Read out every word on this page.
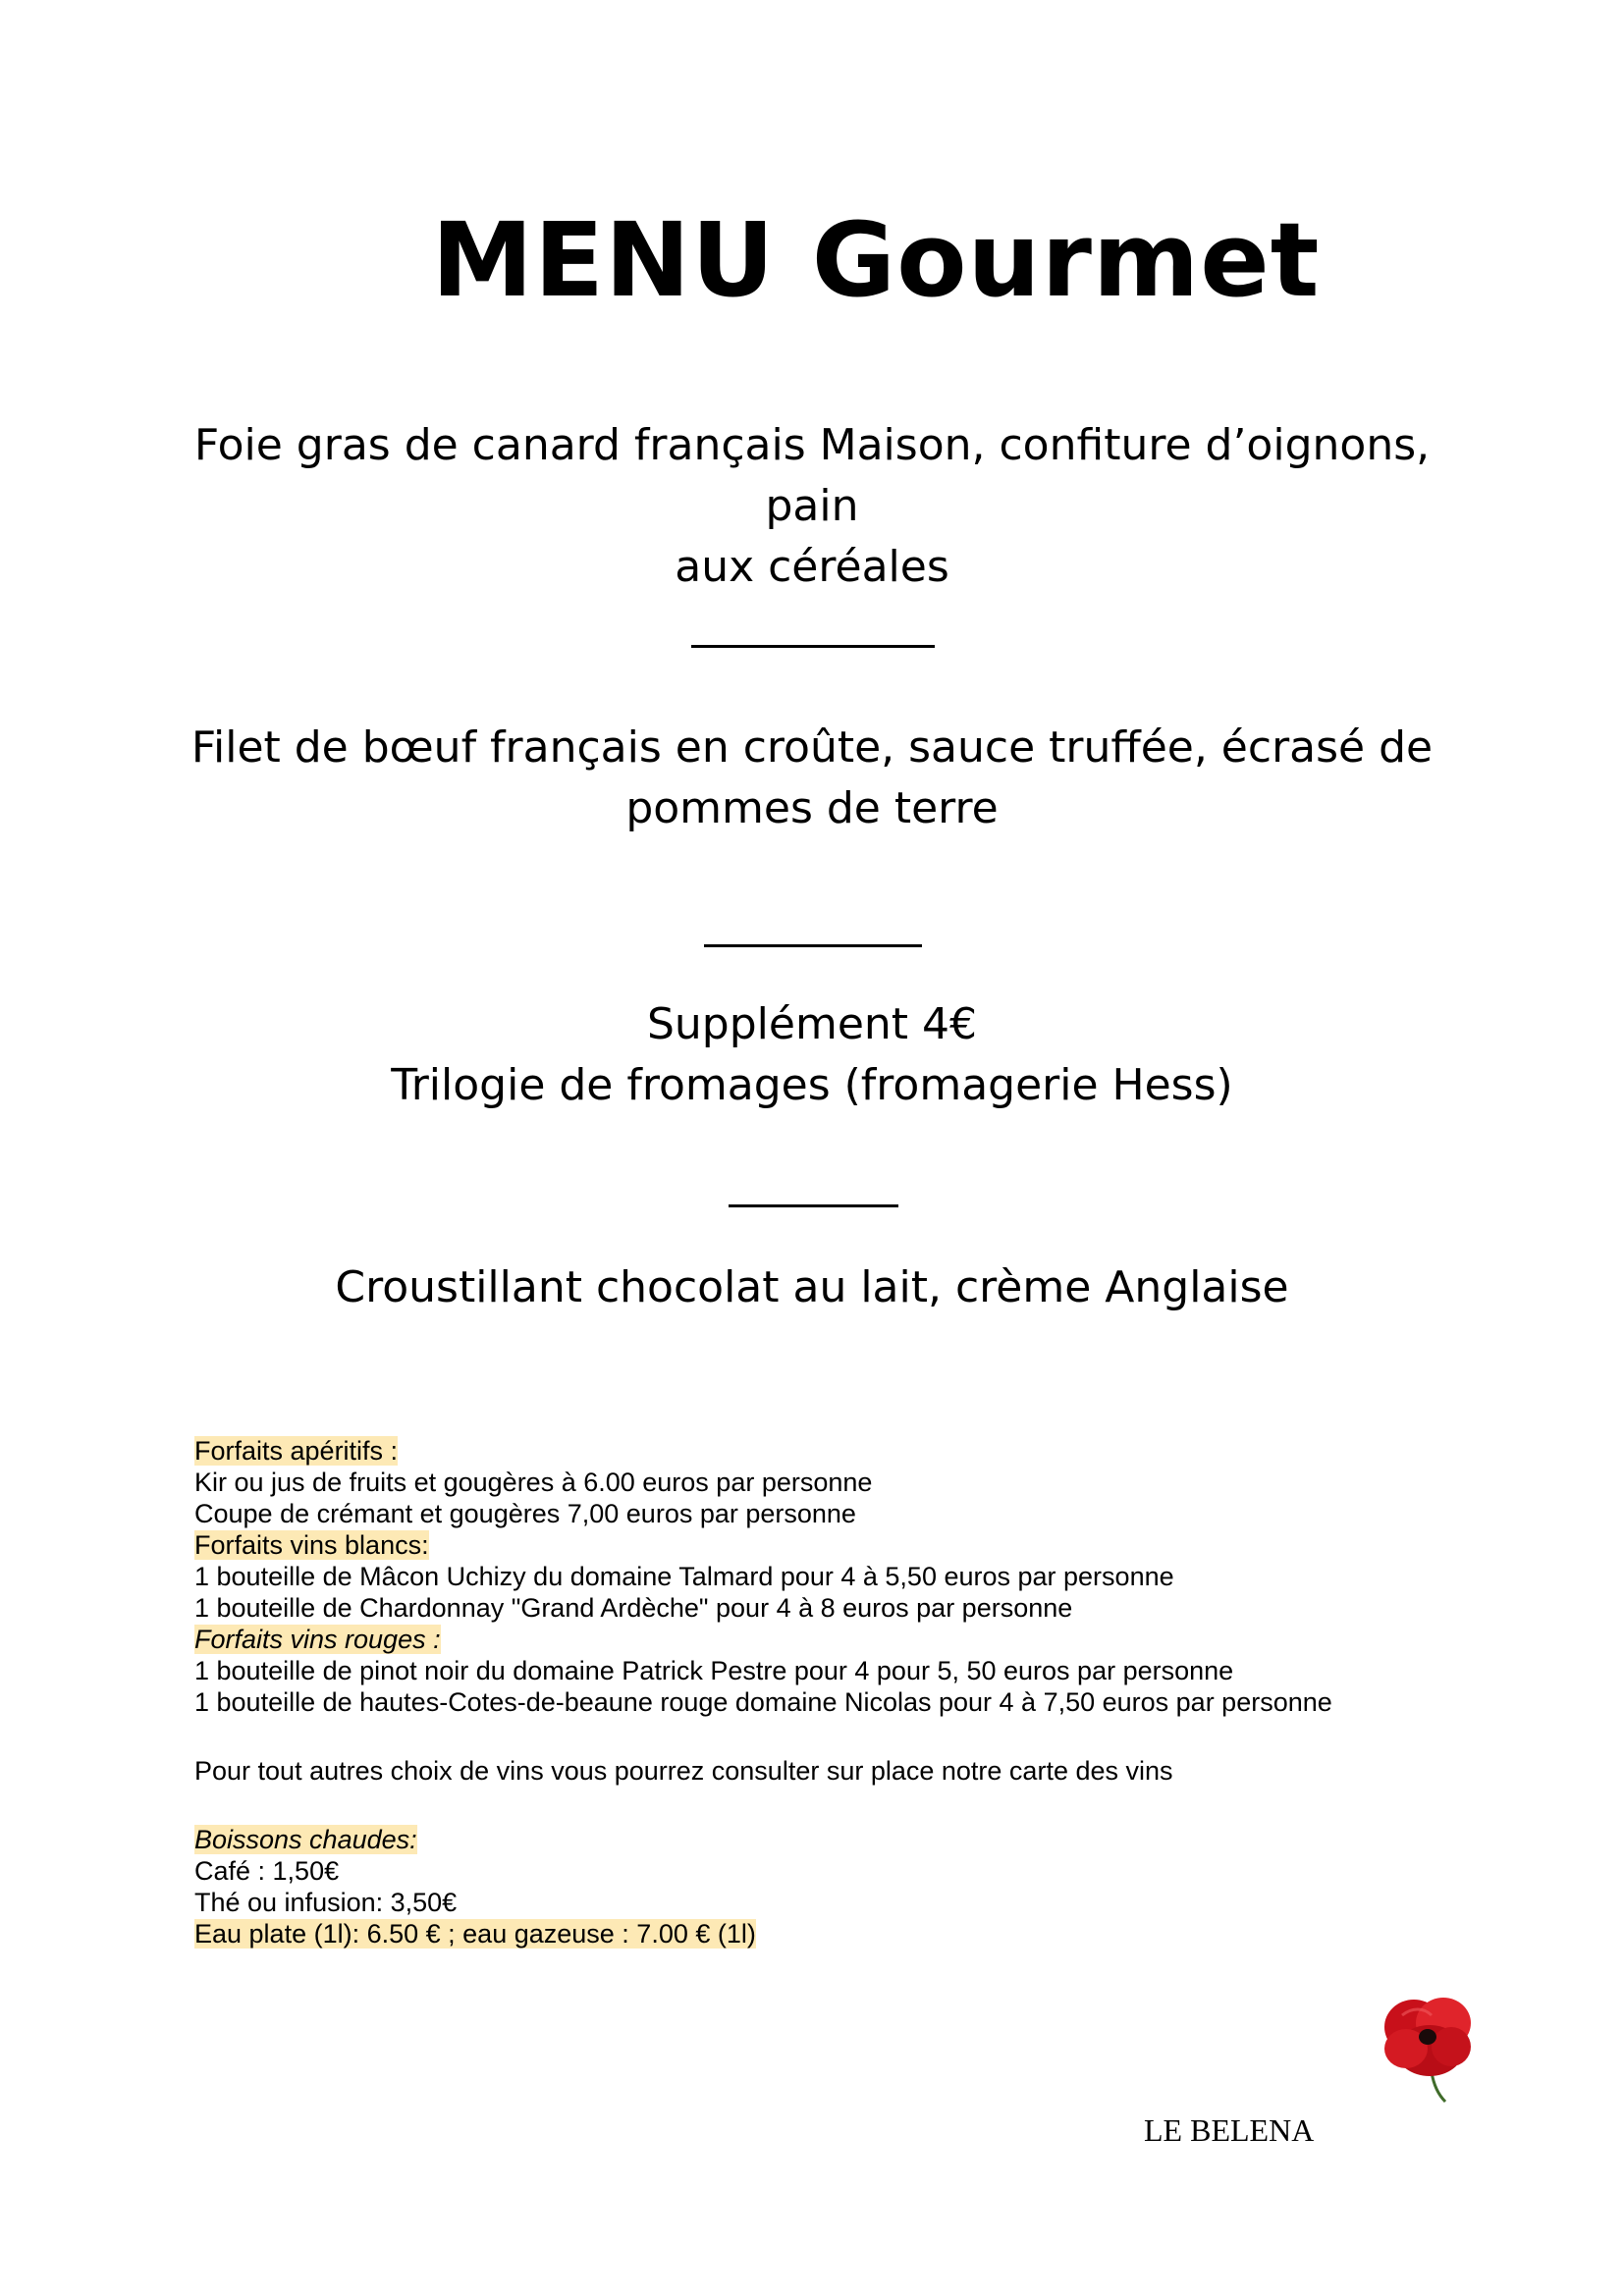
MENU Gourmet
Foie gras de canard français Maison, confiture d’oignons, pain
aux céréales
Filet de bœuf français en croûte, sauce truffée, écrasé de
pommes de terre
Supplément 4€
Trilogie de fromages (fromagerie Hess)
Croustillant chocolat au lait, crème Anglaise
Forfaits apéritifs :
Kir ou jus de fruits et gougères à 6.00 euros par personne
Coupe de crémant et gougères 7,00 euros par personne
Forfaits vins blancs:
1 bouteille de Mâcon Uchizy du domaine Talmard pour 4 à 5,50 euros par personne
1 bouteille de Chardonnay "Grand Ardèche" pour 4 à 8 euros par personne
Forfaits vins rouges :
1 bouteille de pinot noir du domaine Patrick Pestre pour 4 pour 5, 50 euros par personne
1 bouteille de hautes-Cotes-de-beaune rouge domaine Nicolas pour 4 à 7,50 euros par personne
Pour tout autres choix de vins vous pourrez consulter sur place notre carte des vins
Boissons chaudes:
Café : 1,50€
Thé ou infusion: 3,50€
Eau plate (1l): 6.50 € ; eau gazeuse : 7.00 € (1l)
LE BELENA
